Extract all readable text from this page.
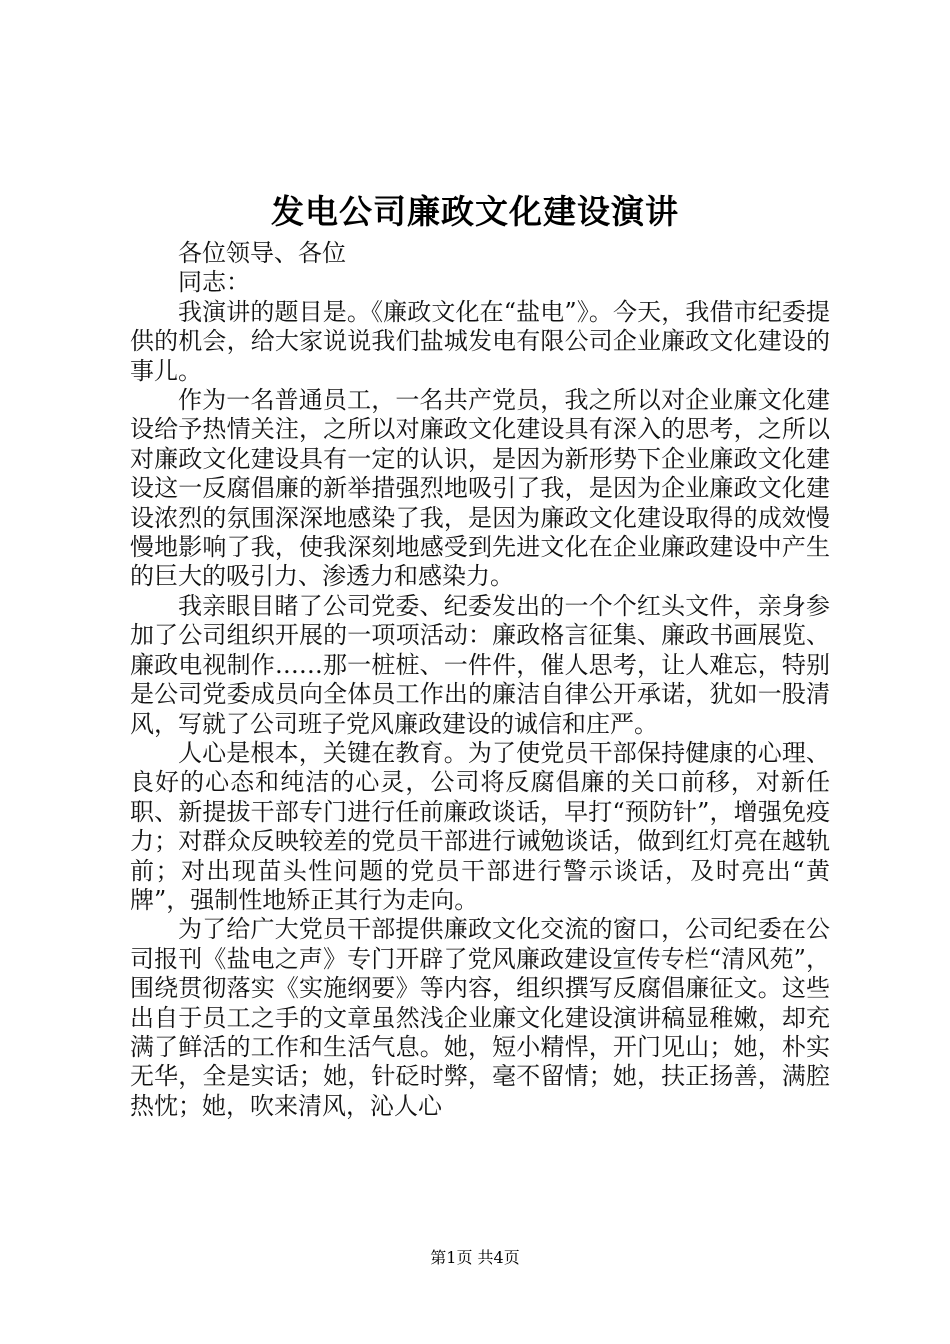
发电公司廉政文化建设演讲

各位领导、各位

同志：

我演讲的题目是。《廉政文化在“盐电”》。今天，我借市纪委提供的机会，给大家说说我们盐城发电有限公司企业廉政文化建设的事儿。

作为一名普通员工，一名共产党员，我之所以对企业廉文化建设给予热情关注，之所以对廉政文化建设具有深入的思考，之所以对廉政文化建设具有一定的认识，是因为新形势下企业廉政文化建设这一反腐倡廉的新举措强烈地吸引了我，是因为企业廉政文化建设浓烈的氛围深深地感染了我，是因为廉政文化建设取得的成效慢慢地影响了我，使我深刻地感受到先进文化在企业廉政建设中产生的巨大的吸引力、渗透力和感染力。

我亲眼目睹了公司党委、纪委发出的一个个红头文件，亲身参加了公司组织开展的一项项活动：廉政格言征集、廉政书画展览、廉政电视制作……那一桩桩、一件件，催人思考，让人难忘，特别是公司党委成员向全体员工作出的廉洁自律公开承诺，犹如一股清风，写就了公司班子党风廉政建设的诚信和庄严。

人心是根本，关键在教育。为了使党员干部保持健康的心理、良好的心态和纯洁的心灵，公司将反腐倡廉的关口前移，对新任职、新提拔干部专门进行任前廉政谈话，早打“预防针”，增强免疫力；对群众反映较差的党员干部进行诫勉谈话，做到红灯亮在越轨前；对出现苗头性问题的党员干部进行警示谈话，及时亮出“黄牌”，强制性地矫正其行为走向。

为了给广大党员干部提供廉政文化交流的窗口，公司纪委在公司报刊《盐电之声》专门开辟了党风廉政建设宣传专栏“清风苑”，围绕贯彻落实《实施纲要》等内容，组织撰写反腐倡廉征文。这些出自于员工之手的文章虽然浅企业廉文化建设演讲稿显稚嫩，却充满了鲜活的工作和生活气息。她，短小精悍，开门见山；她，朴实无华，全是实话；她，针砭时弊，毫不留情；她，扶正扬善，满腔热忱；她，吹来清风，沁人心

第1页 共4页
